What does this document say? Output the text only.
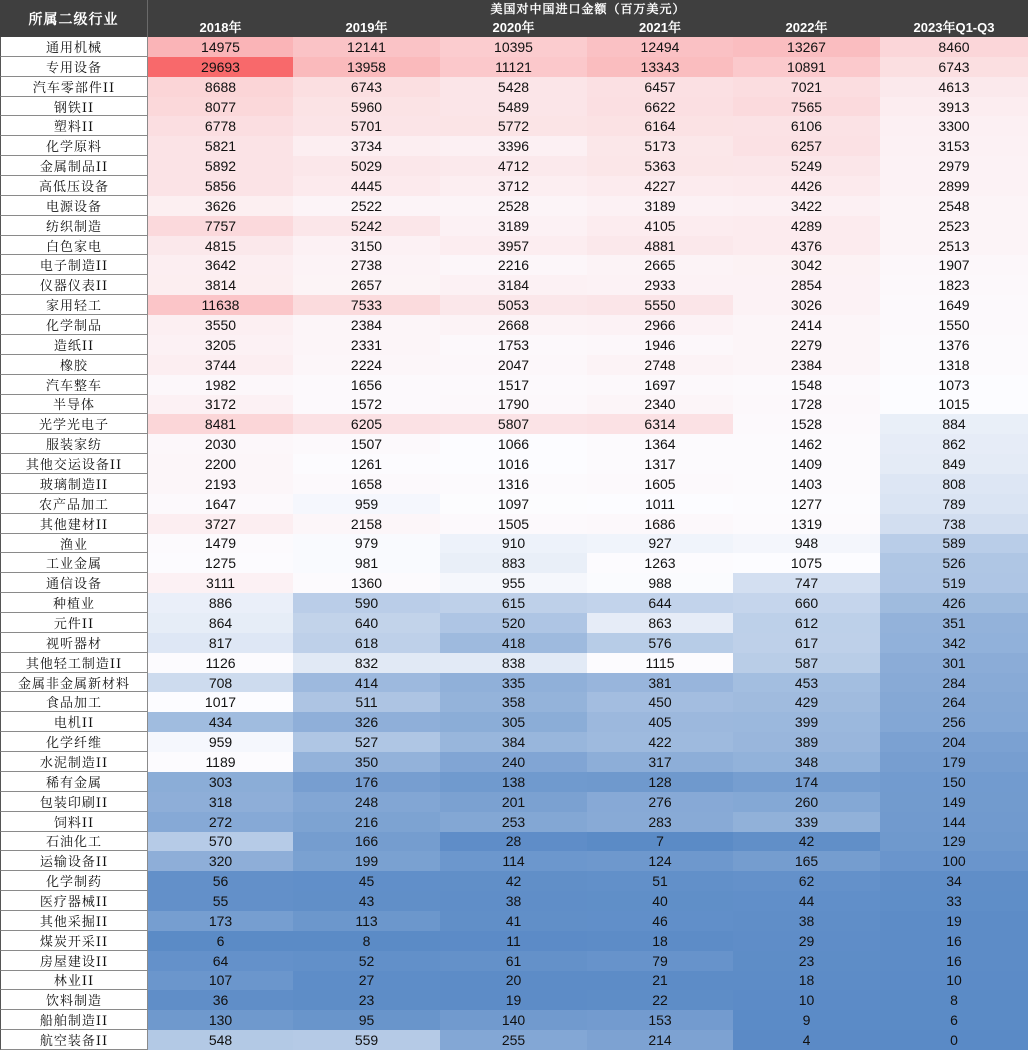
所属二级行业
美国对中国进口金额（百万美元）
2018年	2019年	2020年	2021年	2022年	2023年Q1-Q3
通用机械	14975	12141	10395	12494	13267	8460
专用设备	29693	13958	11121	13343	10891	6743
汽车零部件II	8688	6743	5428	6457	7021	4613
钢铁II	8077	5960	5489	6622	7565	3913
塑料II	6778	5701	5772	6164	6106	3300
化学原料	5821	3734	3396	5173	6257	3153
金属制品II	5892	5029	4712	5363	5249	2979
高低压设备	5856	4445	3712	4227	4426	2899
电源设备	3626	2522	2528	3189	3422	2548
纺织制造	7757	5242	3189	4105	4289	2523
白色家电	4815	3150	3957	4881	4376	2513
电子制造II	3642	2738	2216	2665	3042	1907
仪器仪表II	3814	2657	3184	2933	2854	1823
家用轻工	11638	7533	5053	5550	3026	1649
化学制品	3550	2384	2668	2966	2414	1550
造纸II	3205	2331	1753	1946	2279	1376
橡胶	3744	2224	2047	2748	2384	1318
汽车整车	1982	1656	1517	1697	1548	1073
半导体	3172	1572	1790	2340	1728	1015
光学光电子	8481	6205	5807	6314	1528	884
服装家纺	2030	1507	1066	1364	1462	862
其他交运设备II	2200	1261	1016	1317	1409	849
玻璃制造II	2193	1658	1316	1605	1403	808
农产品加工	1647	959	1097	1011	1277	789
其他建材II	3727	2158	1505	1686	1319	738
渔业	1479	979	910	927	948	589
工业金属	1275	981	883	1263	1075	526
通信设备	3111	1360	955	988	747	519
种植业	886	590	615	644	660	426
元件II	864	640	520	863	612	351
视听器材	817	618	418	576	617	342
其他轻工制造II	1126	832	838	1115	587	301
金属非金属新材料	708	414	335	381	453	284
食品加工	1017	511	358	450	429	264
电机II	434	326	305	405	399	256
化学纤维	959	527	384	422	389	204
水泥制造II	1189	350	240	317	348	179
稀有金属	303	176	138	128	174	150
包装印刷II	318	248	201	276	260	149
饲料II	272	216	253	283	339	144
石油化工	570	166	28	7	42	129
运输设备II	320	199	114	124	165	100
化学制药	56	45	42	51	62	34
医疗器械II	55	43	38	40	44	33
其他采掘II	173	113	41	46	38	19
煤炭开采II	6	8	11	18	29	16
房屋建设II	64	52	61	79	23	16
林业II	107	27	20	21	18	10
饮料制造	36	23	19	22	10	8
船舶制造II	130	95	140	153	9	6
航空装备II	548	559	255	214	4	0
